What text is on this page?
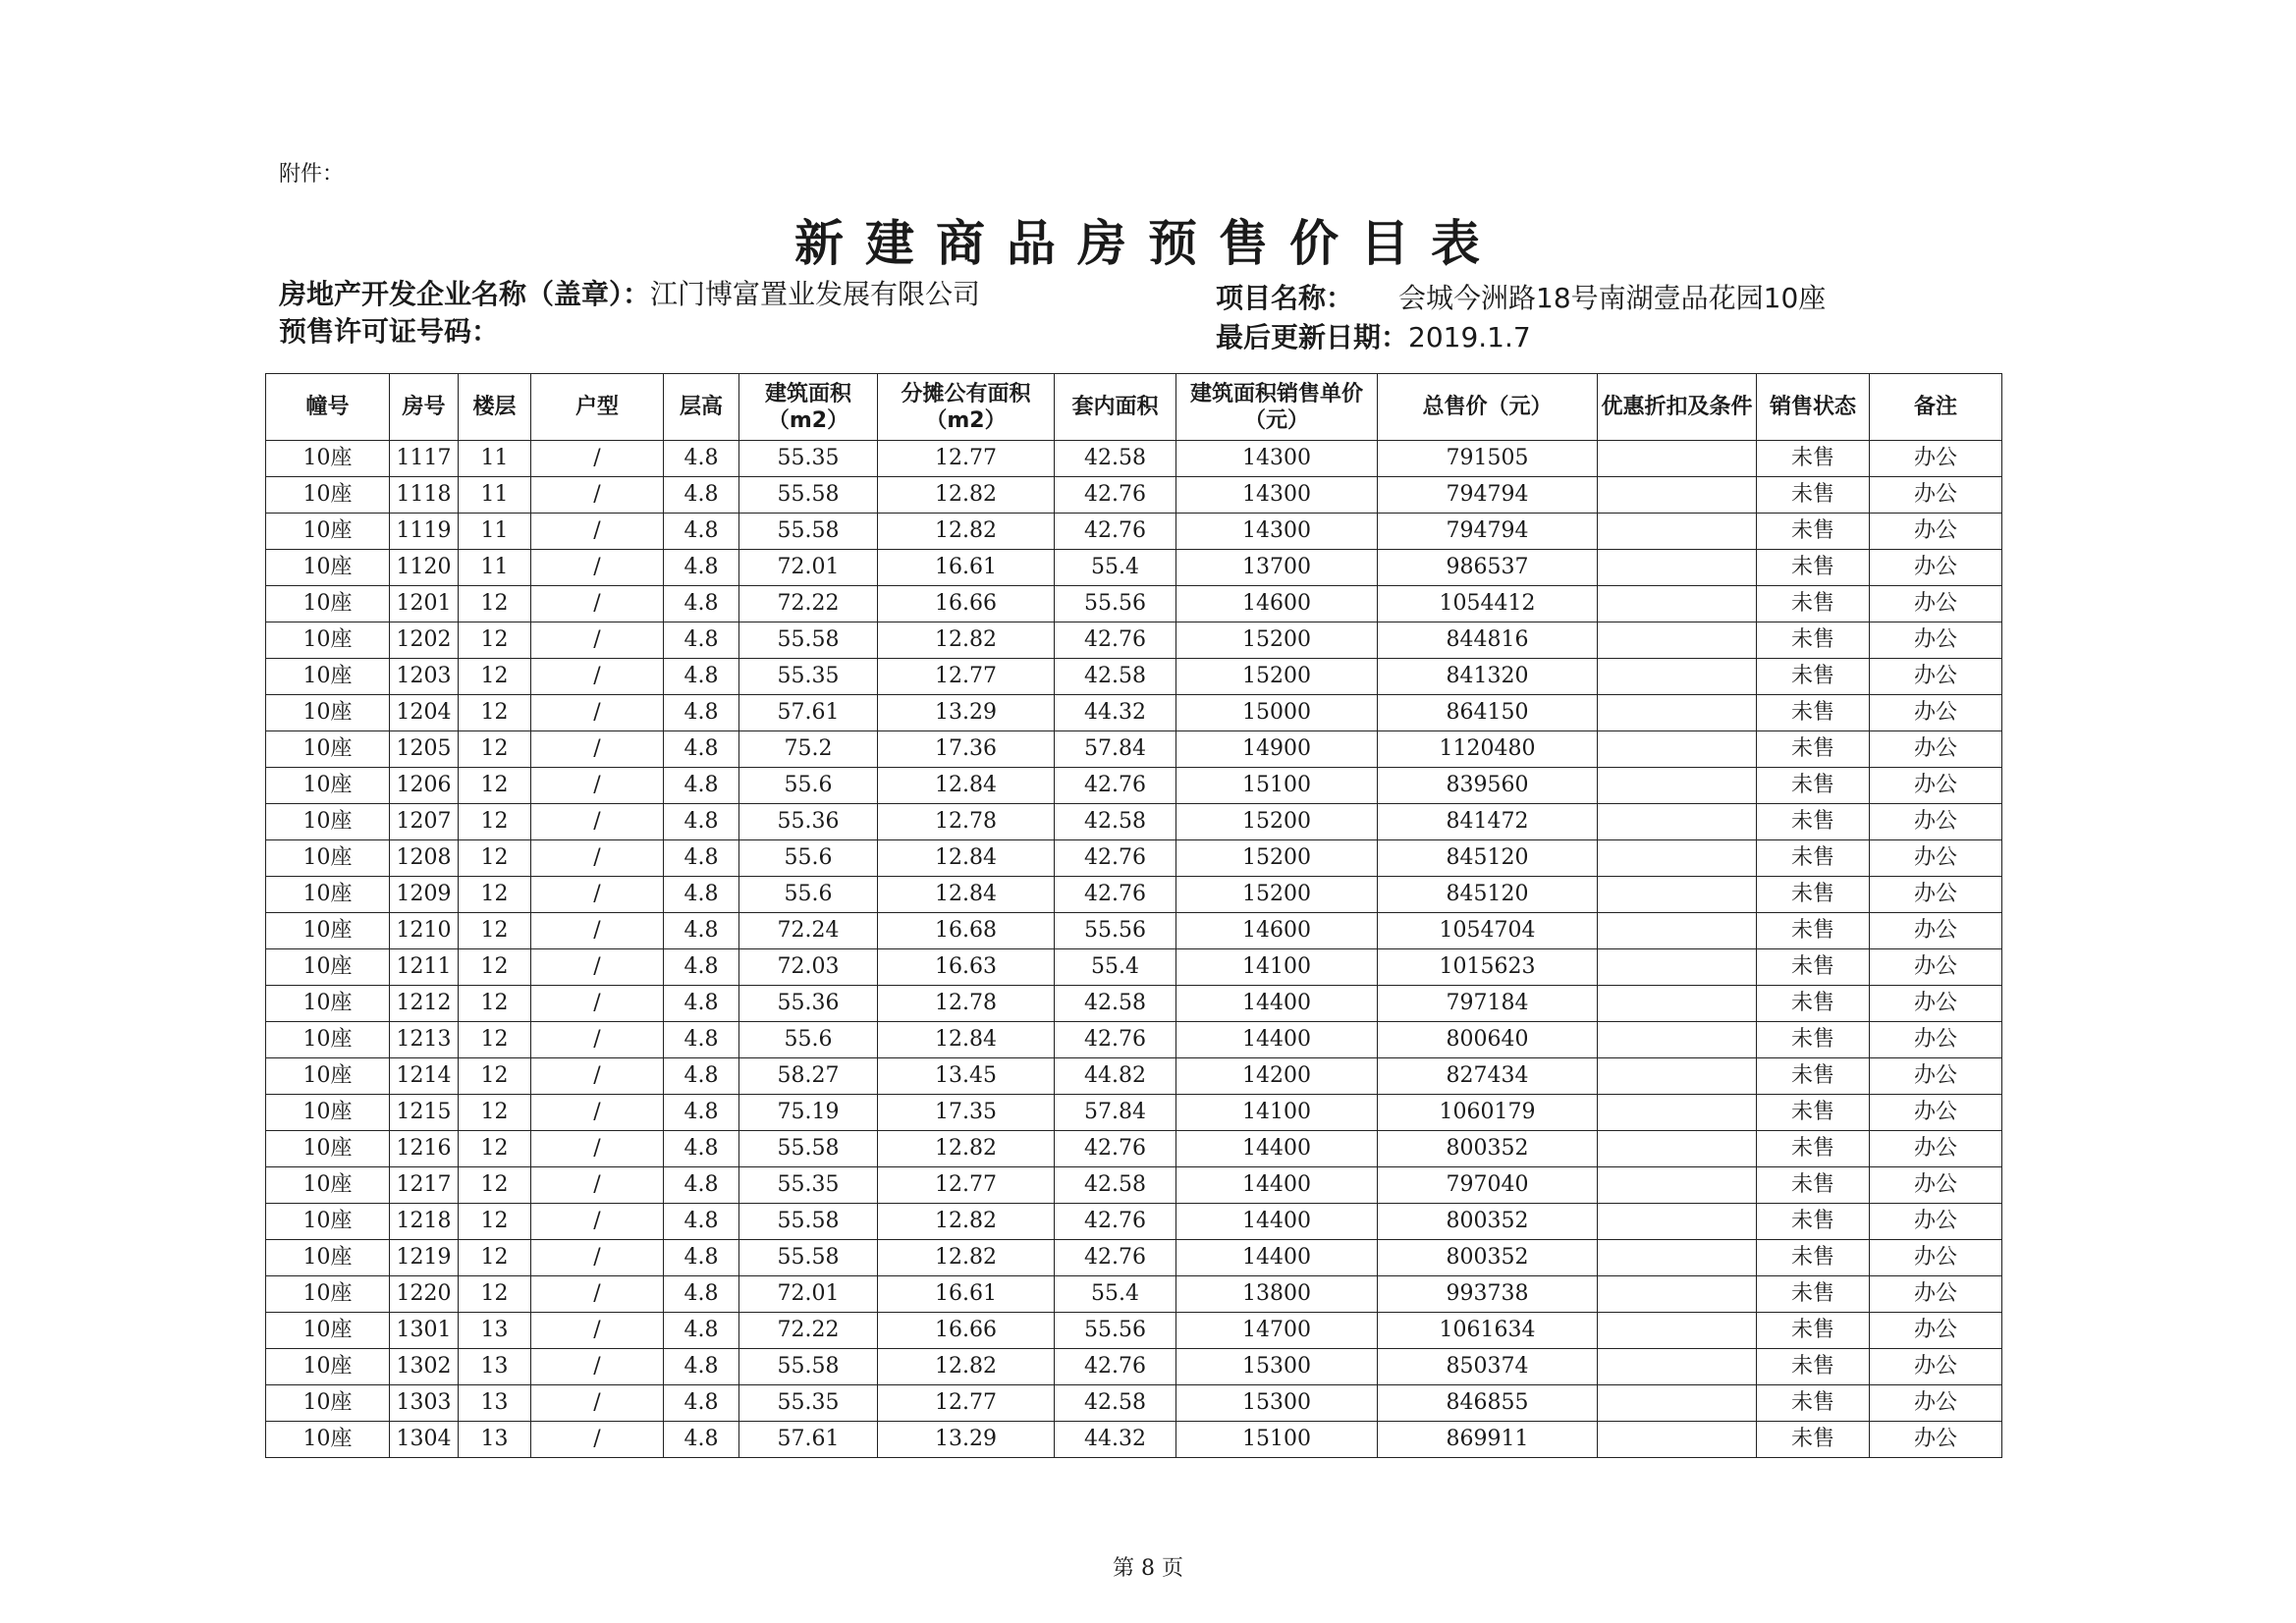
附件：
新建商品房预售价目表
房地产开发企业名称（盖章）：江门博富置业发展有限公司
预售许可证号码：
项目名称： 会城今洲路18号南湖壹品花园10座
最后更新日期：2019.1.7
幢号	房号	楼层	户型	层高	建筑面积（m2）	分摊公有面积（m2）	套内面积	建筑面积销售单价（元）	总售价（元）	优惠折扣及条件	销售状态	备注
10座	1117	11	/	4.8	55.35	12.77	42.58	14300	791505		未售	办公
10座	1118	11	/	4.8	55.58	12.82	42.76	14300	794794		未售	办公
10座	1119	11	/	4.8	55.58	12.82	42.76	14300	794794		未售	办公
10座	1120	11	/	4.8	72.01	16.61	55.4	13700	986537		未售	办公
10座	1201	12	/	4.8	72.22	16.66	55.56	14600	1054412		未售	办公
10座	1202	12	/	4.8	55.58	12.82	42.76	15200	844816		未售	办公
10座	1203	12	/	4.8	55.35	12.77	42.58	15200	841320		未售	办公
10座	1204	12	/	4.8	57.61	13.29	44.32	15000	864150		未售	办公
10座	1205	12	/	4.8	75.2	17.36	57.84	14900	1120480		未售	办公
10座	1206	12	/	4.8	55.6	12.84	42.76	15100	839560		未售	办公
10座	1207	12	/	4.8	55.36	12.78	42.58	15200	841472		未售	办公
10座	1208	12	/	4.8	55.6	12.84	42.76	15200	845120		未售	办公
10座	1209	12	/	4.8	55.6	12.84	42.76	15200	845120		未售	办公
10座	1210	12	/	4.8	72.24	16.68	55.56	14600	1054704		未售	办公
10座	1211	12	/	4.8	72.03	16.63	55.4	14100	1015623		未售	办公
10座	1212	12	/	4.8	55.36	12.78	42.58	14400	797184		未售	办公
10座	1213	12	/	4.8	55.6	12.84	42.76	14400	800640		未售	办公
10座	1214	12	/	4.8	58.27	13.45	44.82	14200	827434		未售	办公
10座	1215	12	/	4.8	75.19	17.35	57.84	14100	1060179		未售	办公
10座	1216	12	/	4.8	55.58	12.82	42.76	14400	800352		未售	办公
10座	1217	12	/	4.8	55.35	12.77	42.58	14400	797040		未售	办公
10座	1218	12	/	4.8	55.58	12.82	42.76	14400	800352		未售	办公
10座	1219	12	/	4.8	55.58	12.82	42.76	14400	800352		未售	办公
10座	1220	12	/	4.8	72.01	16.61	55.4	13800	993738		未售	办公
10座	1301	13	/	4.8	72.22	16.66	55.56	14700	1061634		未售	办公
10座	1302	13	/	4.8	55.58	12.82	42.76	15300	850374		未售	办公
10座	1303	13	/	4.8	55.35	12.77	42.58	15300	846855		未售	办公
10座	1304	13	/	4.8	57.61	13.29	44.32	15100	869911		未售	办公
第 8 页
